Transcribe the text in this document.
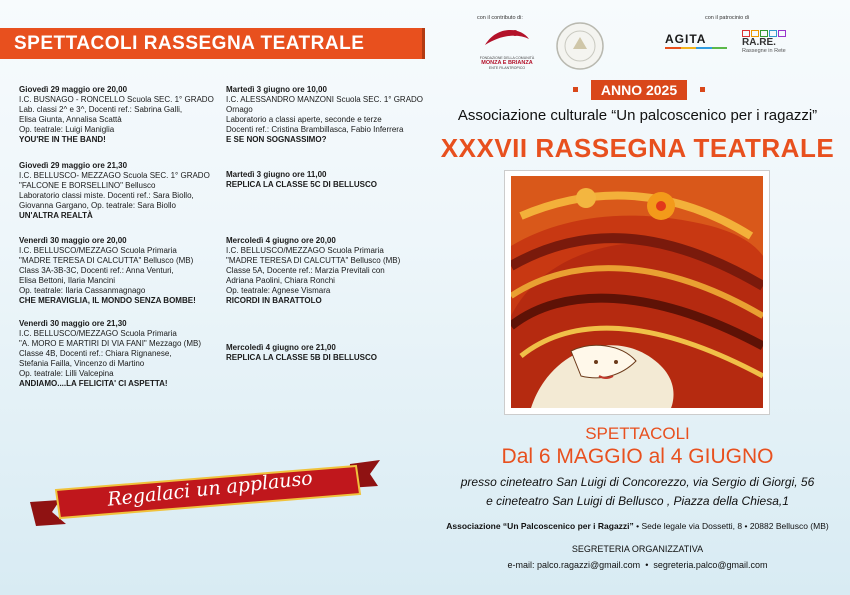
SPETTACOLI RASSEGNA TEATRALE
Giovedì 29 maggio ore 20,00
I.C. BUSNAGO - RONCELLO Scuola SEC. 1° GRADO
Lab. classi 2^ e 3^, Docenti ref.: Sabrina Galli,
Elisa Giunta, Annalisa Scattà
Op. teatrale: Luigi Maniglia
YOU'RE IN THE BAND!
Giovedì 29 maggio ore 21,30
I.C. BELLUSCO- MEZZAGO Scuola SEC. 1° GRADO
"FALCONE E BORSELLINO" Bellusco
Laboratorio classi miste. Docenti ref.: Sara Biollo,
Giovanna Gargano, Op. teatrale: Sara Biollo
UN'ALTRA REALTÀ
Venerdì 30 maggio ore 20,00
I.C. BELLUSCO/MEZZAGO Scuola Primaria
"MADRE TERESA DI CALCUTTA" Bellusco (MB)
Class 3A-3B-3C, Docenti ref.: Anna Venturi,
Elisa Bettoni, Ilaria Mancini
Op. teatrale: Ilaria Cassanmagnago
CHE MERAVIGLIA, IL MONDO SENZA BOMBE!
Venerdì 30 maggio ore 21,30
I.C. BELLUSCO/MEZZAGO Scuola Primaria
"A. MORO E MARTIRI DI VIA FANI" Mezzago (MB)
Classe 4B, Docenti ref.: Chiara Rignanese,
Stefania Failla, Vincenzo di Martino
Op. teatrale: Lilli Valcepina
ANDIAMO....LA FELICITA' CI ASPETTA!
Martedì 3 giugno ore 10,00
I.C. ALESSANDRO MANZONI Scuola SEC. 1° GRADO
Ornago
Laboratorio a classi aperte, seconde e terze
Docenti ref.: Cristina Brambillasca, Fabio Inferrera
E SE NON SOGNASSIMO?
Martedì 3 giugno ore 11,00
REPLICA LA CLASSE 5C DI BELLUSCO
Mercoledì 4 giugno ore 20,00
I.C. BELLUSCO/MEZZAGO Scuola Primaria
"MADRE TERESA DI CALCUTTA" Bellusco (MB)
Classe 5A, Docente ref.: Marzia Previtali con
Adriana Paolini, Chiara Ronchi
Op. teatrale: Agnese Vismara
RICORDI IN BARATTOLO
Mercoledì 4 giugno ore 21,00
REPLICA LA CLASSE 5B DI BELLUSCO
Regalaci un applauso
con il contributo di:	con il patrocinio di
FONDAZIONE DELLA COMUNITÀ
MONZA E BRIANZA
ENTE FILANTROPICO
AGITA	RA.RE.
Rassegne in Rete
ANNO 2025
Associazione culturale “Un palcoscenico per i ragazzi”
XXXVII RASSEGNA TEATRALE
SPETTACOLI
Dal 6 MAGGIO al 4 GIUGNO
presso cineteatro San Luigi di Concorezzo, via Sergio di Giorgi, 56
e cineteatro San Luigi di Bellusco , Piazza della Chiesa,1
Associazione “Un Palcoscenico per i Ragazzi” • Sede legale via Dossetti, 8 • 20882 Bellusco (MB)
SEGRETERIA ORGANIZZATIVA
e-mail: palco.ragazzi@gmail.com • segreteria.palco@gmail.com
